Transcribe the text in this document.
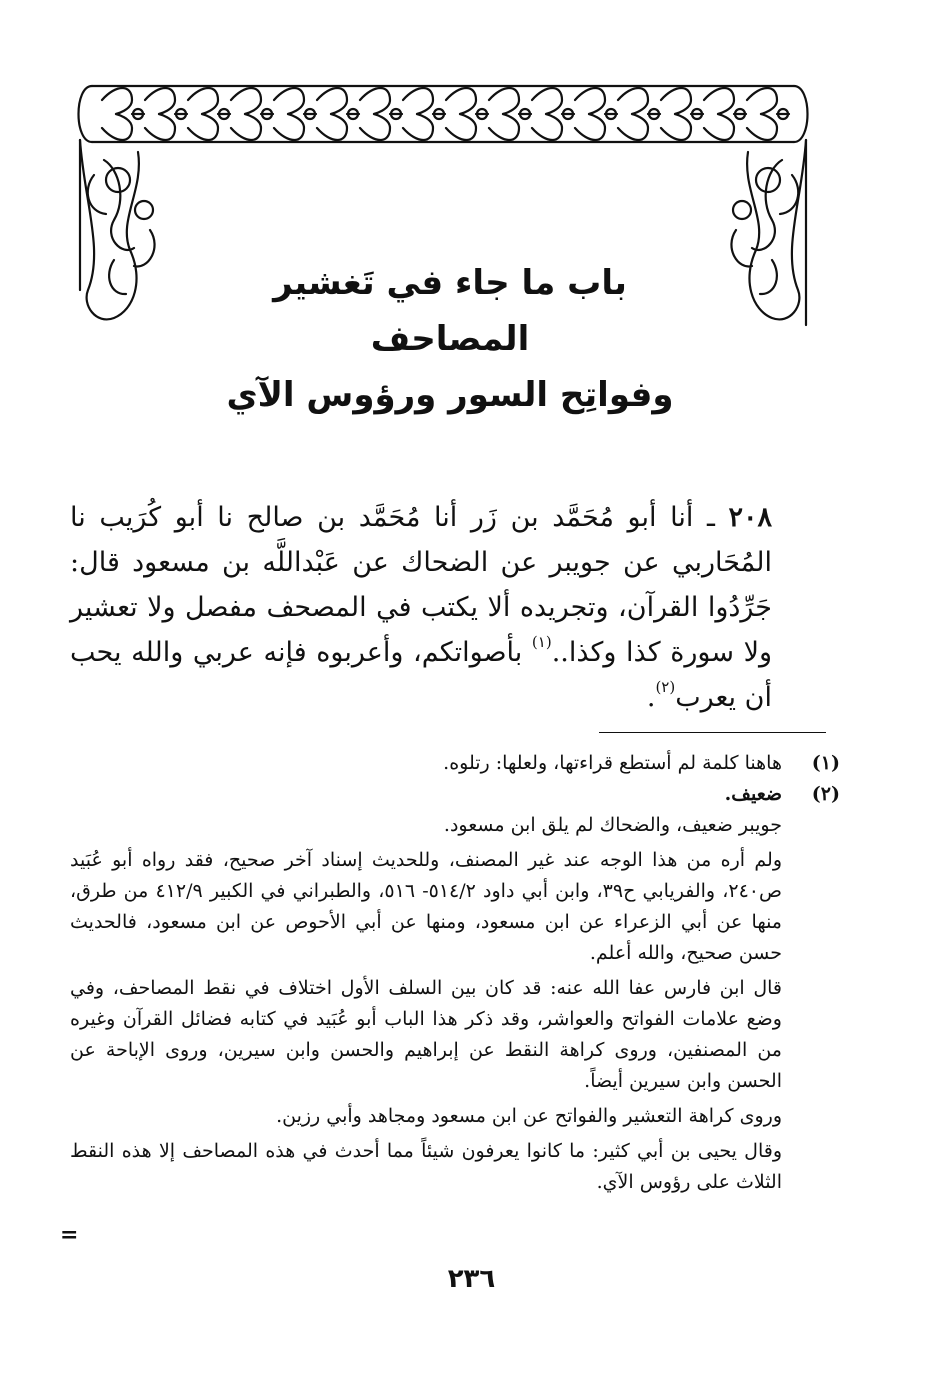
باب ما جاء في تَغشير المصاحف
وفواتِح السور ورؤوس الآي

٢٠٨ ـ أنا أبو مُحَمَّد بن زَر أنا مُحَمَّد بن صالح نا أبو كُرَيب نا المُحَاربي عن جويبر عن الضحاك عن عَبْداللَّه بن مسعود قال: جَرِّدُوا القرآن، وتجريده ألا يكتب في المصحف مفصل ولا تعشير ولا سورة كذا وكذا..$^{(١)}$ بأصواتكم، وأعربوه فإنه عربي والله يحب أن يعرب$^{(٢)}$.

(١)
هاهنا كلمة لم أستطع قراءتها، ولعلها: رتلوه.
(٢)
ضعيف.

جويبر ضعيف، والضحاك لم يلق ابن مسعود.

ولم أره من هذا الوجه عند غير المصنف، وللحديث إسناد آخر صحيح، فقد رواه أبو عُبَيد ص٢٤٠، والفريابي ح٣٩، وابن أبي داود ٥١٤/٢- ٥١٦، والطبراني في الكبير ٤١٢/٩ من طرق، منها عن أبي الزعراء عن ابن مسعود، ومنها عن أبي الأحوص عن ابن مسعود، فالحديث حسن صحيح، والله أعلم.

قال ابن فارس عفا الله عنه: قد كان بين السلف الأول اختلاف في نقط المصاحف، وفي وضع علامات الفواتح والعواشر، وقد ذكر هذا الباب أبو عُبَيد في كتابه فضائل القرآن وغيره من المصنفين، وروى كراهة النقط عن إبراهيم والحسن وابن سيرين، وروى الإباحة عن الحسن وابن سيرين أيضاً.

وروى كراهة التعشير والفواتح عن ابن مسعود ومجاهد وأبي رزين.

وقال يحيى بن أبي كثير: ما كانوا يعرفون شيئاً مما أحدث في هذه المصاحف إلا هذه النقط الثلاث على رؤوس الآي.

=
٢٣٦
